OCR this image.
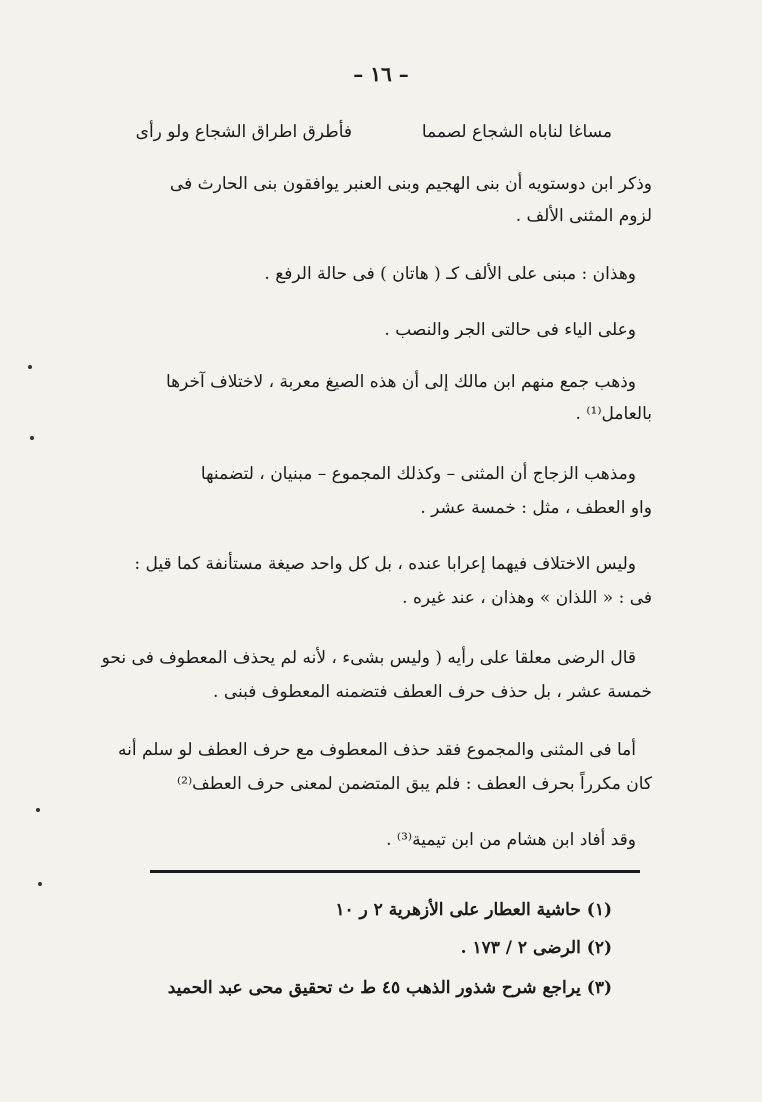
– ١٦ –
مساغا لناباه الشجاع لصمما
فأطرق اطراق الشجاع ولو رأى
وذكر ابن دوستويه أن بنى الهجيم وبنى العنبر يوافقون بنى الحارث فى
لزوم المثنى الألف .
وهذان : مبنى على الألف كـ ( هاتان ) فى حالة الرفع .
وعلى الياء فى حالتى الجر والنصب .
وذهب جمع منهم ابن مالك إلى أن هذه الصيغ معربة ، لاختلاف آخرها
بالعامل⁽¹⁾ .
ومذهب الزجاج أن المثنى – وكذلك المجموع – مبنيان ، لتضمنها
واو العطف ، مثل : خمسة عشر .
وليس الاختلاف فيهما إعرابا عنده ، بل كل واحد صيغة مستأنفة كما قيل :
فى : « اللذان » وهذان ، عند غيره .
قال الرضى معلقا على رأيه ( وليس بشىء ، لأنه لم يحذف المعطوف فى نحو
خمسة عشر ، بل حذف حرف العطف فتضمنه المعطوف فبنى .
أما فى المثنى والمجموع فقد حذف المعطوف مع حرف العطف لو سلم أنه
كان مكرراً بحرف العطف : فلم يبق المتضمن لمعنى حرف العطف⁽²⁾
وقد أفاد ابن هشام من ابن تيمية⁽³⁾ .
(١) حاشية العطار على الأزهرية ٢ ر ١٠
(٢) الرضى ٢ / ١٧٣ .
(٣) يراجع شرح شذور الذهب ٤٥ ط ث تحقيق محى عبد الحميد
